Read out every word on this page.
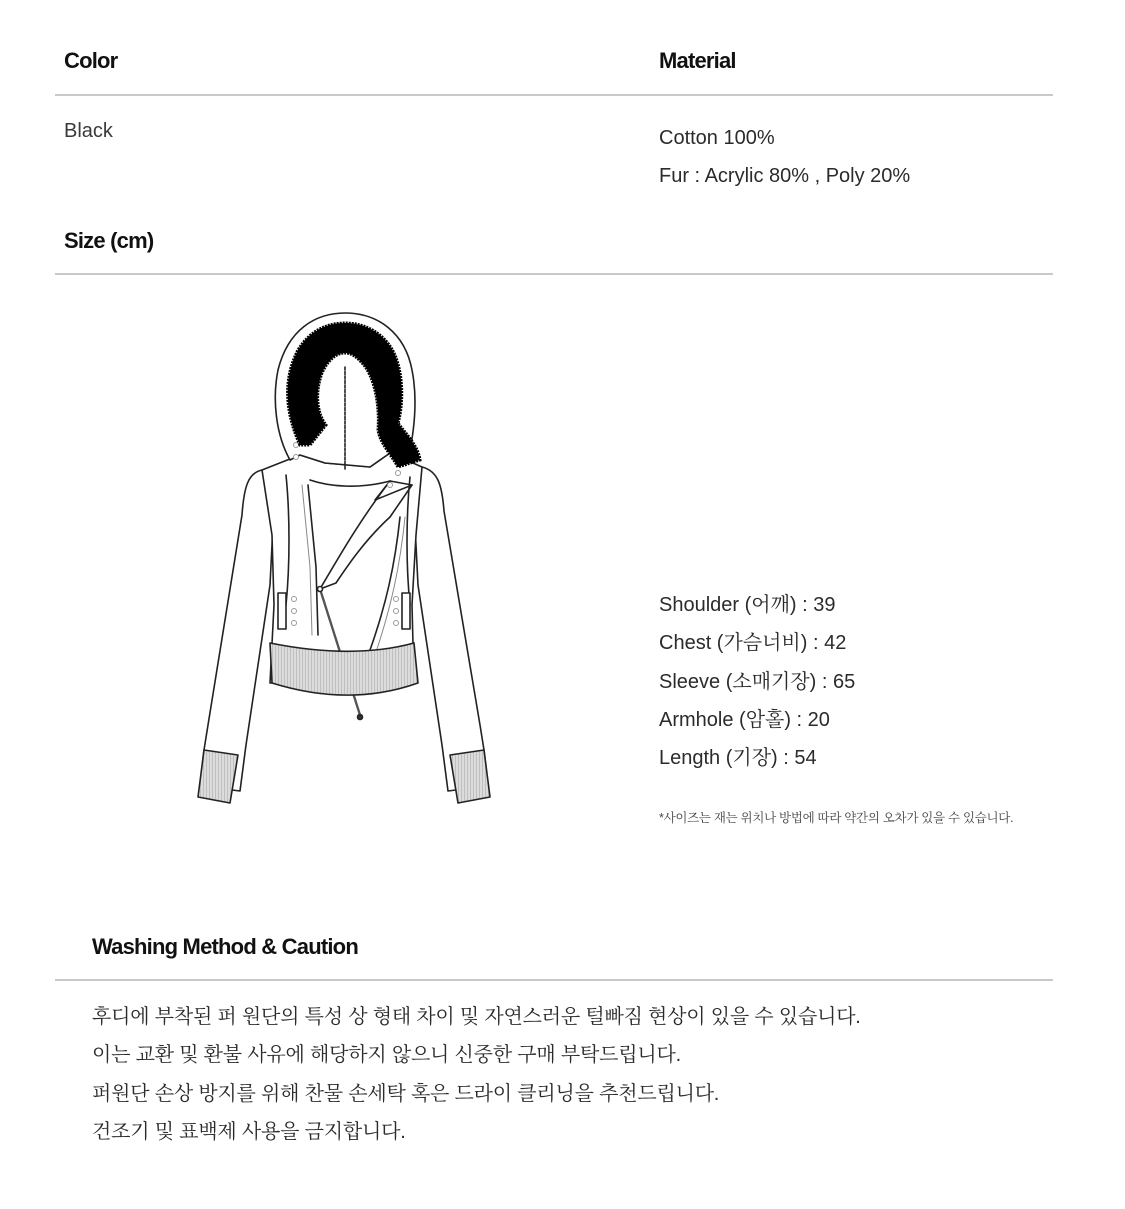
Color	Material
Black	Cotton 100%
Fur : Acrylic 80% , Poly 20%
Size (cm)
Shoulder (어깨) : 39
Chest (가슴너비) : 42
Sleeve (소매기장) : 65
Armhole (암홀) : 20
Length (기장) : 54
*사이즈는 재는 위치나 방법에 따라 약간의 오차가 있을 수 있습니다.
Washing Method & Caution
후디에 부착된 퍼 원단의 특성 상 형태 차이 및 자연스러운 털빠짐 현상이 있을 수 있습니다.
이는 교환 및 환불 사유에 해당하지 않으니 신중한 구매 부탁드립니다.
퍼원단 손상 방지를 위해 찬물 손세탁 혹은 드라이 클리닝을 추천드립니다.
건조기 및 표백제 사용을 금지합니다.
